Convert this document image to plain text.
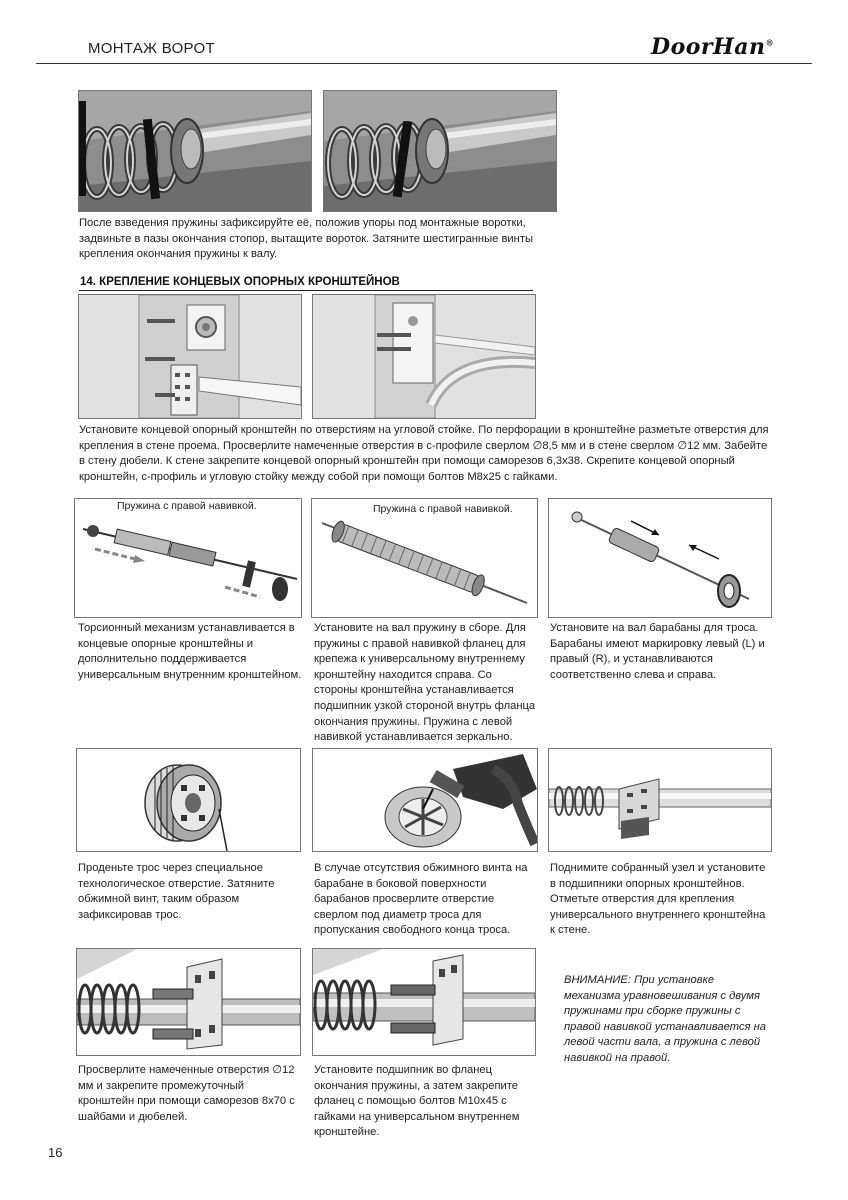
МОНТАЖ ВОРОТ	DoorHan®
После взведения пружины зафиксируйте её, положив упоры под монтажные воротки, задвиньте в пазы окончания стопор, вытащите вороток. Затяните шестигранные винты крепления окончания пружины к валу.
14. КРЕПЛЕНИЕ КОНЦЕВЫХ ОПОРНЫХ КРОНШТЕЙНОВ
Установите концевой опорный кронштейн по отверстиям на угловой стойке. По перфорации в кронштейне разметьте отверстия для крепления в стене проема. Просверлите намеченные отверстия в с-профиле сверлом ∅8,5 мм и в стене сверлом ∅12 мм. Забейте в стену дюбели. К стене закрепите концевой опорный кронштейн при помощи саморезов 6,3х38. Скрепите концевой опорный кронштейн, с-профиль и угловую стойку между собой при помощи болтов М8х25 с гайками.
Пружина с правой навивкой.	Пружина с правой навивкой.
Торсионный механизм устанавливается в концевые опорные кронштейны и дополнительно поддерживается универсальным внутренним кронштейном.
Установите на вал пружину в сборе. Для пружины с правой навивкой фланец для крепежа к универсальному внутреннему кронштейну находится справа. Со стороны кронштейна устанавливается подшипник узкой стороной внутрь фланца окончания пружины. Пружина с левой навивкой устанавливается зеркально.
Установите на вал барабаны для троса. Барабаны имеют маркировку левый (L) и правый (R), и устанавливаются соответственно слева и справа.
Проденьте трос через специальное технологическое отверстие. Затяните обжимной винт, таким образом зафиксировав трос.
В случае отсутствия обжимного винта на барабане в боковой поверхности барабанов просверлите отверстие сверлом под диаметр троса для пропускания свободного конца троса.
Поднимите собранный узел и установите в подшипники опорных кронштейнов. Отметьте отверстия для крепления универсального внутреннего кронштейна к стене.
ВНИМАНИЕ: При установке механизма уравновешивания с двумя пружинами при сборке пружины с правой навивкой устанавливается на левой части вала, а пружина с левой навивкой на правой.
Просверлите намеченные отверстия ∅12 мм и закрепите промежуточный кронштейн при помощи саморезов 8х70 с шайбами и дюбелей.
Установите подшипник во фланец окончания пружины, а затем закрепите фланец с помощью болтов М10х45 с гайками на универсальном внутреннем кронштейне.
16
